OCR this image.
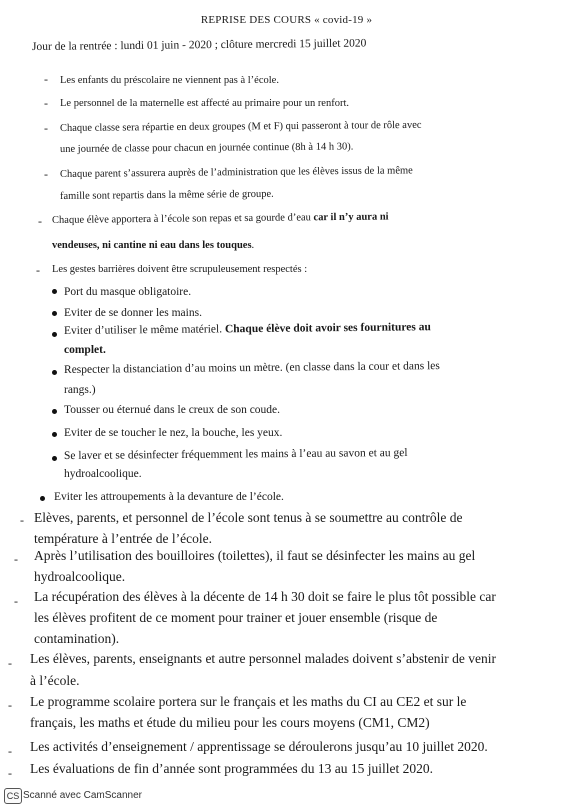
REPRISE DES COURS « covid-19 »
Jour de la rentrée : lundi 01 juin - 2020 ; clôture mercredi 15 juillet 2020
- Les enfants du préscolaire ne viennent pas à l’école.
- Le personnel de la maternelle est affecté au primaire pour un renfort.
- Chaque classe sera répartie en deux groupes (M et F) qui passeront à tour de rôle avec
une journée de classe pour chacun en journée continue (8h à 14 h 30).
- Chaque parent s’assurera auprès de l’administration que les élèves issus de la même
famille sont repartis dans la même série de groupe.
- Chaque élève apportera à l’école son repas et sa gourde d’eau car il n’y aura ni
vendeuses, ni cantine ni eau dans les touques.
- Les gestes barrières doivent être scrupuleusement respectés :
Port du masque obligatoire.
Eviter de se donner les mains.
Eviter d’utiliser le même matériel. Chaque élève doit avoir ses fournitures au
complet.
Respecter la distanciation d’au moins un mètre. (en classe dans la cour et dans les
rangs.)
Tousser ou éternué dans le creux de son coude.
Eviter de se toucher le nez, la bouche, les yeux.
Se laver et se désinfecter fréquemment les mains à l’eau au savon et au gel
hydroalcoolique.
Eviter les attroupements à la devanture de l’école.
- Elèves, parents, et personnel de l’école sont tenus à se soumettre au contrôle de
température à l’entrée de l’école.
- Après l’utilisation des bouilloires (toilettes), il faut se désinfecter les mains au gel
hydroalcoolique.
- La récupération des élèves à la décente de 14 h 30 doit se faire le plus tôt possible car
les élèves profitent de ce moment pour trainer et jouer ensemble (risque de
contamination).
- Les élèves, parents, enseignants et autre personnel malades doivent s’abstenir de venir
à l’école.
- Le programme scolaire portera sur le français et les maths du CI au CE2 et sur le
français, les maths et étude du milieu pour les cours moyens (CM1, CM2)
- Les activités d’enseignement / apprentissage se déroulerons jusqu’au 10 juillet 2020.
- Les évaluations de fin d’année sont programmées du 13 au 15 juillet 2020.
CS Scanné avec CamScanner
